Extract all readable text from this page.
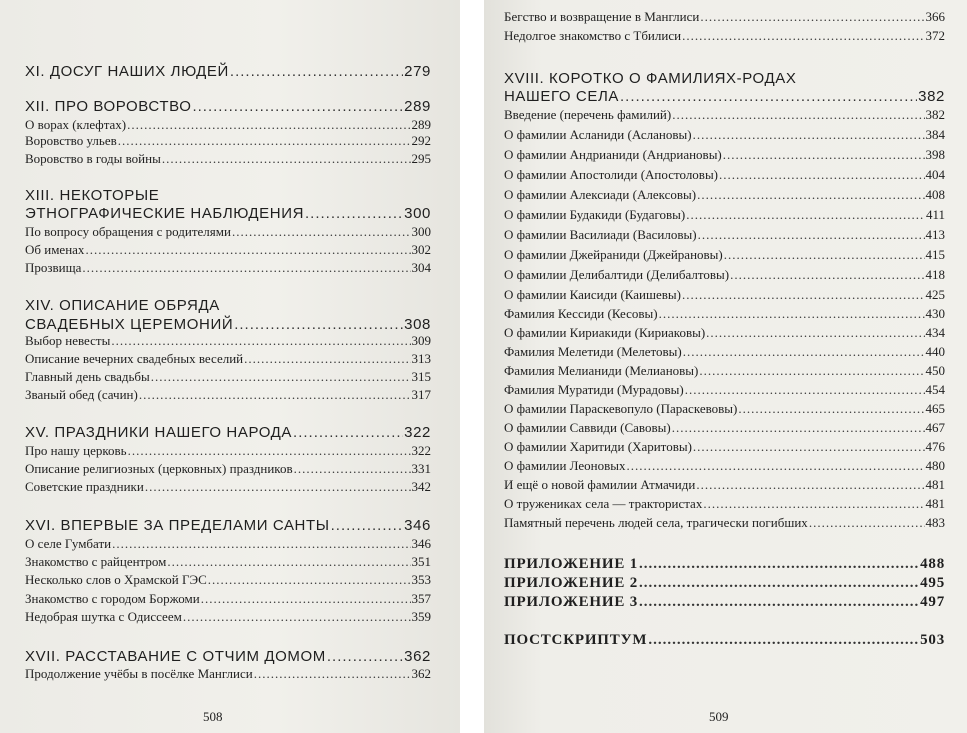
XI. ДОСУГ НАШИХ ЛЮДЕЙ .....	279
XII. ПРО ВОРОВСТВО .....	289
О ворах (клефтах) .....	289
Воровство ульев .....	292
Воровство в годы войны .....	295
XIII. НЕКОТОРЫЕ
ЭТНОГРАФИЧЕСКИЕ НАБЛЮДЕНИЯ .....	300
По вопросу обращения с родителями .....	300
Об именах .....	302
Прозвища .....	304
XIV. ОПИСАНИЕ ОБРЯДА
СВАДЕБНЫХ ЦЕРЕМОНИЙ .....	308
Выбор невесты .....	309
Описание вечерних свадебных веселий .....	313
Главный день свадьбы .....	315
Званый обед (сачин) .....	317
XV. ПРАЗДНИКИ НАШЕГО НАРОДА .....	322
Про нашу церковь .....	322
Описание религиозных (церковных) праздников .....	331
Советские праздники .....	342
XVI. ВПЕРВЫЕ ЗА ПРЕДЕЛАМИ САНТЫ .....	346
О селе Гумбати .....	346
Знакомство с райцентром .....	351
Несколько слов о Храмской ГЭС .....	353
Знакомство с городом Боржоми .....	357
Недобрая шутка с Одиссеем .....	359
XVII. РАССТАВАНИЕ С ОТЧИМ ДОМОМ .....	362
Продолжение учёбы в посёлке Манглиси .....	362
508
Бегство и возвращение в Манглиси .....	366
Недолгое знакомство с Тбилиси .....	372
XVIII. КОРОТКО О ФАМИЛИЯХ-РОДАХ
НАШЕГО СЕЛА .....	382
Введение (перечень фамилий) .....	382
О фамилии Асланиди (Аслановы) .....	384
О фамилии Андрианиди (Андриановы) .....	398
О фамилии Апостолиди (Апостоловы) .....	404
О фамилии Алексиади (Алексовы) .....	408
О фамилии Будакиди (Будаговы) .....	411
О фамилии Василиади (Василовы) .....	413
О фамилии Джейраниди (Джейрановы) .....	415
О фамилии Делибалтиди (Делибалтовы) .....	418
О фамилии Каисиди (Каишевы) .....	425
Фамилия Кессиди (Кесовы) .....	430
О фамилии Кириакиди (Кириаковы) .....	434
Фамилия Мелетиди (Мелетовы) .....	440
Фамилия Мелианиди (Мелиановы) .....	450
Фамилия Муратиди (Мурадовы) .....	454
О фамилии Параскевопуло (Параскевовы) .....	465
О фамилии Саввиди (Савовы) .....	467
О фамилии Харитиди (Харитовы) .....	476
О фамилии Леоновых .....	480
И ещё о новой фамилии Атмачиди .....	481
О тружениках села — трактористах .....	481
Памятный перечень людей села, трагически погибших .....	483
ПРИЛОЖЕНИЕ 1 .....	488
ПРИЛОЖЕНИЕ 2 .....	495
ПРИЛОЖЕНИЕ 3 .....	497
ПОСТСКРИПТУМ .....	503
509
